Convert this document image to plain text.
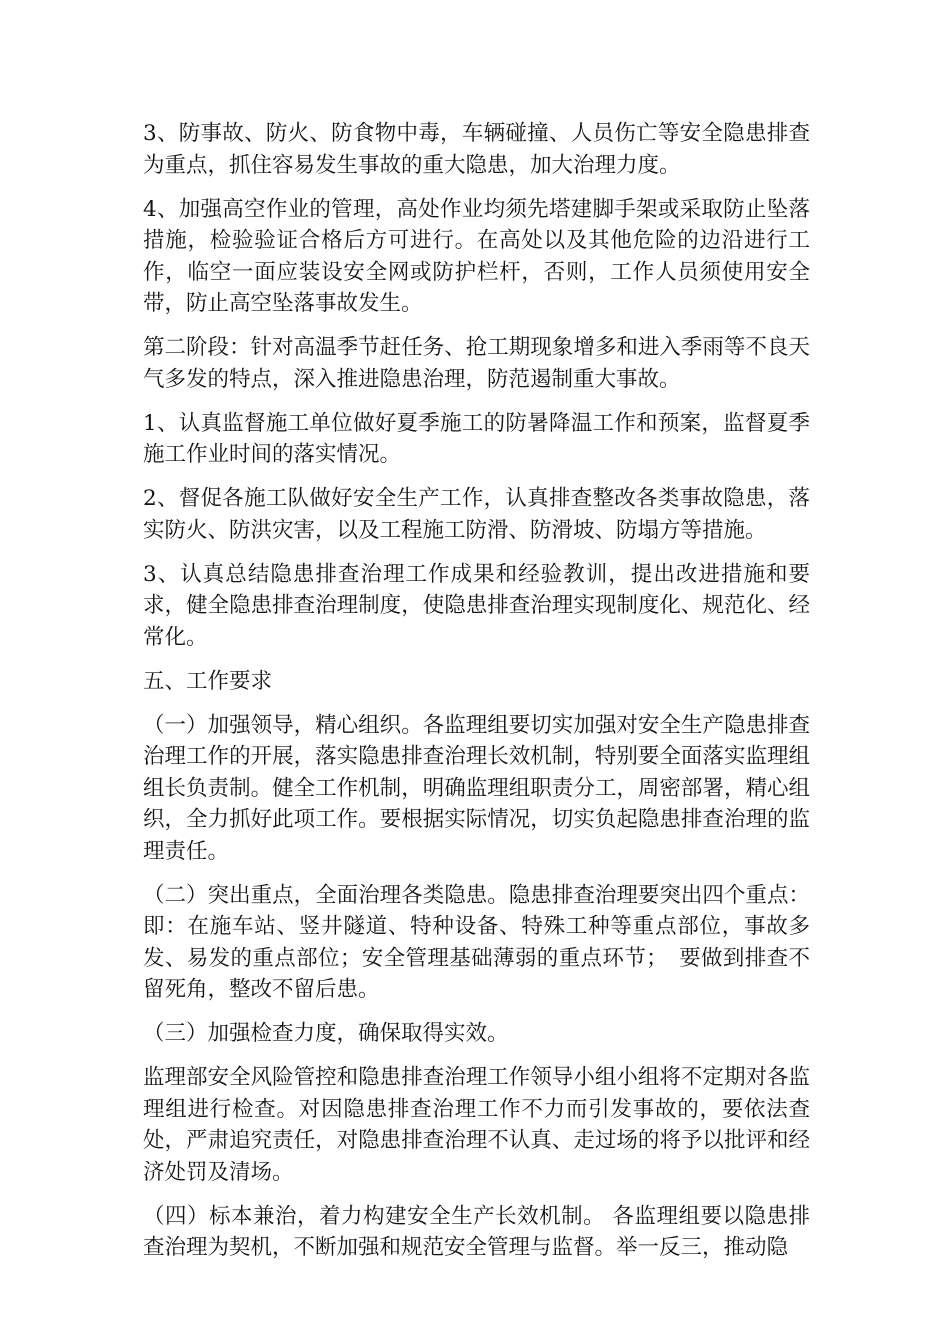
3、防事故、防火、防食物中毒，车辆碰撞、人员伤亡等安全隐患排查为重点，抓住容易发生事故的重大隐患，加大治理力度。

4、加强高空作业的管理，高处作业均须先塔建脚手架或采取防止坠落措施，检验验证合格后方可进行。在高处以及其他危险的边沿进行工作，临空一面应装设安全网或防护栏杆，否则，工作人员须使用安全带，防止高空坠落事故发生。

第二阶段：针对高温季节赶任务、抢工期现象增多和进入季雨等不良天气多发的特点，深入推进隐患治理，防范遏制重大事故。

1、认真监督施工单位做好夏季施工的防暑降温工作和预案，监督夏季施工作业时间的落实情况。

2、督促各施工队做好安全生产工作，认真排查整改各类事故隐患，落实防火、防洪灾害，以及工程施工防滑、防滑坡、防塌方等措施。

3、认真总结隐患排查治理工作成果和经验教训，提出改进措施和要求，健全隐患排查治理制度，使隐患排查治理实现制度化、规范化、经常化。

五、工作要求

（一）加强领导，精心组织。各监理组要切实加强对安全生产隐患排查治理工作的开展，落实隐患排查治理长效机制，特别要全面落实监理组组长负责制。健全工作机制，明确监理组职责分工，周密部署，精心组织，全力抓好此项工作。要根据实际情况，切实负起隐患排查治理的监理责任。

（二）突出重点，全面治理各类隐患。隐患排查治理要突出四个重点：即：在施车站、竖井隧道、特种设备、特殊工种等重点部位，事故多发、易发的重点部位；安全管理基础薄弱的重点环节；　要做到排查不留死角，整改不留后患。

（三）加强检查力度，确保取得实效。

监理部安全风险管控和隐患排查治理工作领导小组小组将不定期对各监理组进行检查。对因隐患排查治理工作不力而引发事故的，要依法查处，严肃追究责任，对隐患排查治理不认真、走过场的将予以批评和经济处罚及清场。

（四）标本兼治，着力构建安全生产长效机制。 各监理组要以隐患排查治理为契机，不断加强和规范安全管理与监督。举一反三，推动隐
